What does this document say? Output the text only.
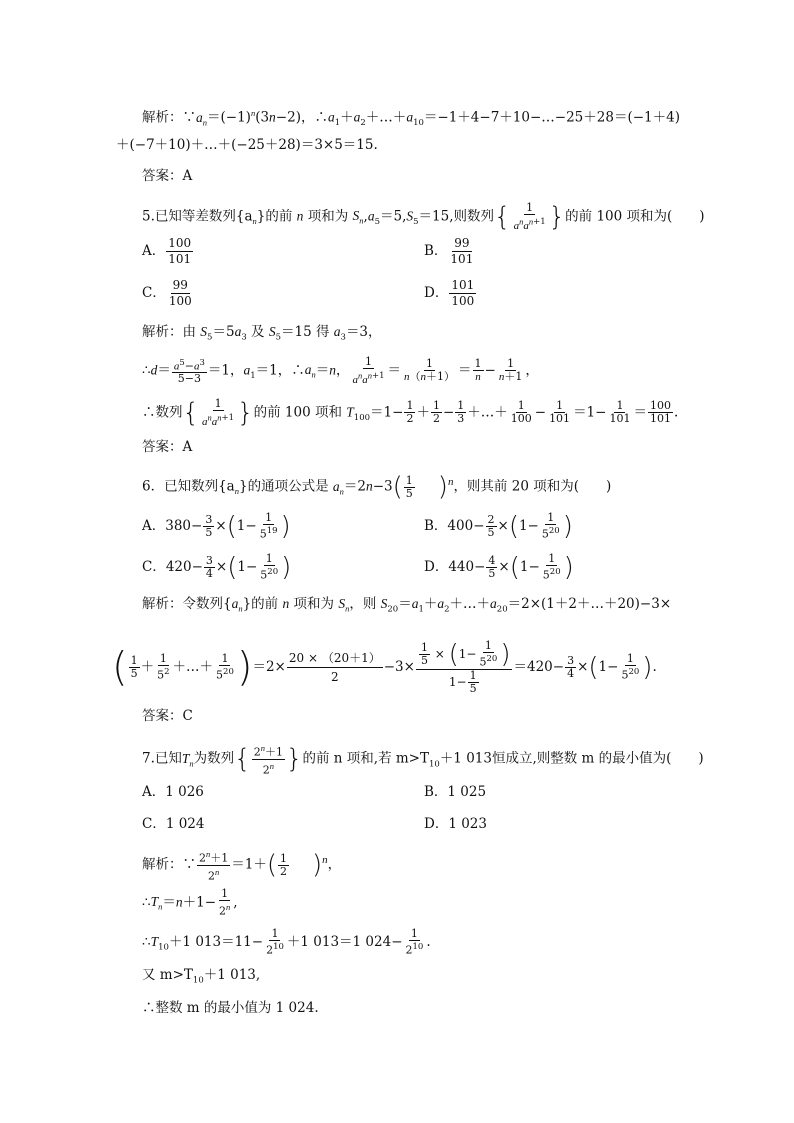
解析：$\because a_n=(-1)^n(3n-2)$，$\therefore a_1+a_2+\dots+a_{10}=-1+4-7+10-\dots-25+28=(-1+4)$
＋(−7＋10)＋…＋(−25＋28)＝3×5＝15.
答案：A
5.已知等差数列$\{a_n\}$的前 n 项和为 $S_n,a_5=5,S_5=15$,则数列{ 1
$a^na^{n+1}$ }的前 100 项和为(　　)
A． $\frac{100}{101}$	B． $\frac{99}{101}$
C． $\frac{99}{100}$	D． $\frac{101}{100}$
解析：由 $S_5=5a_3$ 及 $S_5=15$ 得 $a_3=3$，
∴d＝ $\frac{a^5-a^3}{5-3} =1$，$a_1=1$，$\therefore a_n=n$，
1
$a^na^{n+1} = \frac{1}{n(n+1)} = \frac{1}{n} - \frac{1}{n+1}$ ，
∴数列{ 1
$a^na^{n+1}$ }的前 100 项和 $T_{100}=1- \frac{1}{2} + \frac{1}{2} - \frac{1}{3}$ ＋…＋ $\frac{1}{100} - \frac{1}{101} =1- \frac{1}{101} = \frac{100}{101}$ .
答案：A
6．已知数列$\{a_n\}$的通项公式是 $a_n=2n-3( \frac{1}{5} )^n$，则其前 20 项和为(　　)
A．$380- \frac{3}{5} \times(1- \frac{1}{5^{19}}$ )	B．$400- \frac{2}{5} \times(1- \frac{1}{5^{20}}$ )
C．$420- \frac{3}{4} \times(1- \frac{1}{5^{20}}$ )	D．$440- \frac{4}{5} \times(1- \frac{1}{5^{20}}$ )
解析：令数列$\{a_n\}$的前 n 项和为 $S_n$，则 $S_{20}=a_1+a_2+\dots+a_{20}=2\times(1+2+\dots+20)-3\times$
( $\frac{1}{5} + \frac{1}{5^2}$ ＋…＋ $\frac{1}{5^{20}} )=2\times \frac{20 \times (20+1)}{2} -3\times \frac{\frac{1}{5} \times (1- \frac{1}{5^{20}} )}{1- \frac{1}{5}} =420- \frac{3}{4} \times(1- \frac{1}{5^{20}}$ ).
答案：C
7.已知$T_n$为数列{ $\frac{2^n+1}{2^n}$ }的前 n 项和,若 $m>T_{10}+1$ 013恒成立,则整数 m 的最小值为(　　)
A．1 026	B．1 025
C．1 024	D．1 023
解析：∵ $\frac{2^n+1}{2^n} =1+( \frac{1}{2} )^n$，
$\therefore T_n=n+1- \frac{1}{2^n}$ ,
$\therefore T_{10}+1$ $013=11- \frac{1}{2^{10}} +1$ 013＝1 $024- \frac{1}{2^{10}}$ .
又 $m>T_{10}+1$ 013,
∴整数 m 的最小值为 1 024.
